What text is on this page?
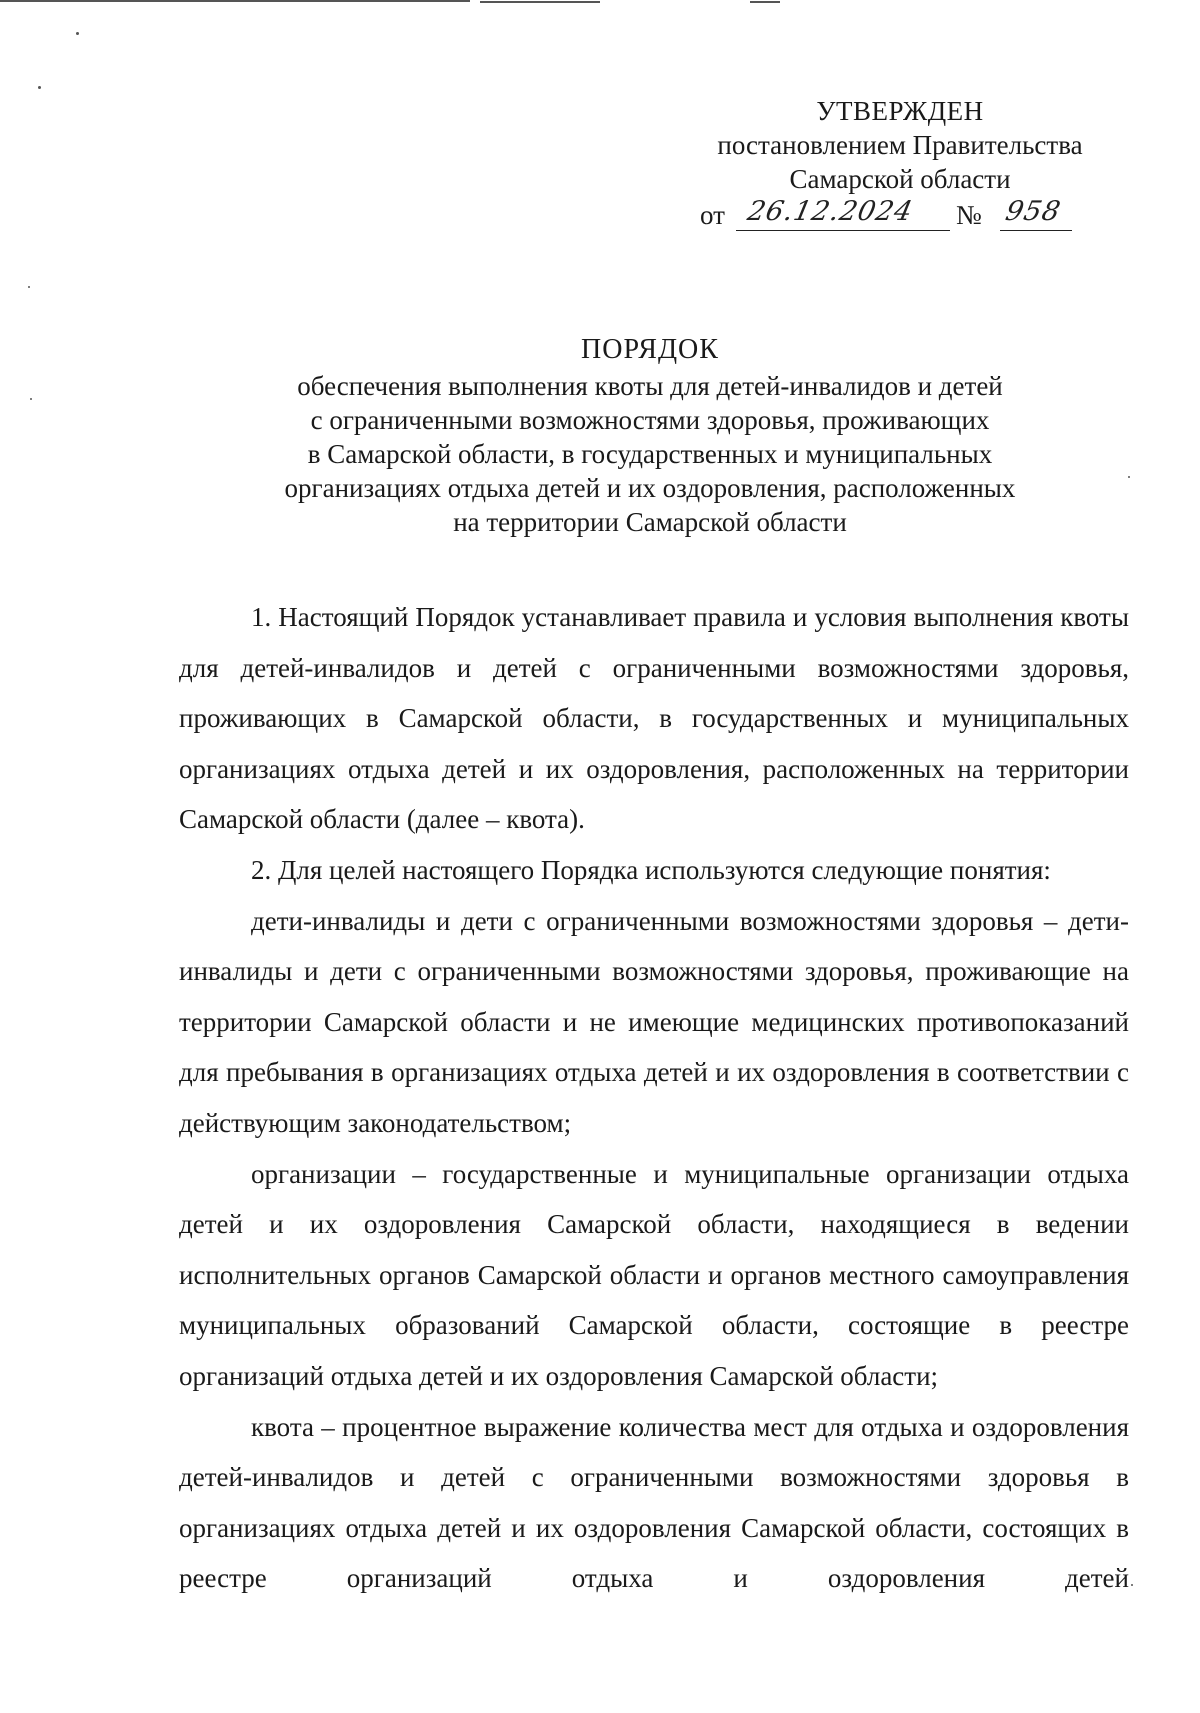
УТВЕРЖДЕН
постановлением Правительства
Самарской области
от 26.12.2024 № 958
ПОРЯДОК
обеспечения выполнения квоты для детей-инвалидов и детей
с ограниченными возможностями здоровья, проживающих
в Самарской области, в государственных и муниципальных
организациях отдыха детей и их оздоровления, расположенных
на территории Самарской области

1. Настоящий Порядок устанавливает правила и условия выполнения квоты для детей-инвалидов и детей с ограниченными возможностями здоровья, проживающих в Самарской области, в государственных и муниципальных организациях отдыха детей и их оздоровления, расположенных на территории Самарской области (далее – квота).

2. Для целей настоящего Порядка используются следующие понятия:

дети-инвалиды и дети с ограниченными возможностями здоровья – дети-инвалиды и дети с ограниченными возможностями здоровья, проживающие на территории Самарской области и не имеющие медицинских противопоказаний для пребывания в организациях отдыха детей и их оздоровления в соответствии с действующим законодательством;

организации – государственные и муниципальные организации отдыха детей и их оздоровления Самарской области, находящиеся в ведении исполнительных органов Самарской области и органов местного самоуправления муниципальных образований Самарской области, состоящие в реестре организаций отдыха детей и их оздоровления Самарской области;

квота – процентное выражение количества мест для отдыха и оздоровления детей-инвалидов и детей с ограниченными возможностями здоровья в организациях отдыха детей и их оздоровления Самарской области, состоящих в реестре организаций отдыха и оздоровления детей
